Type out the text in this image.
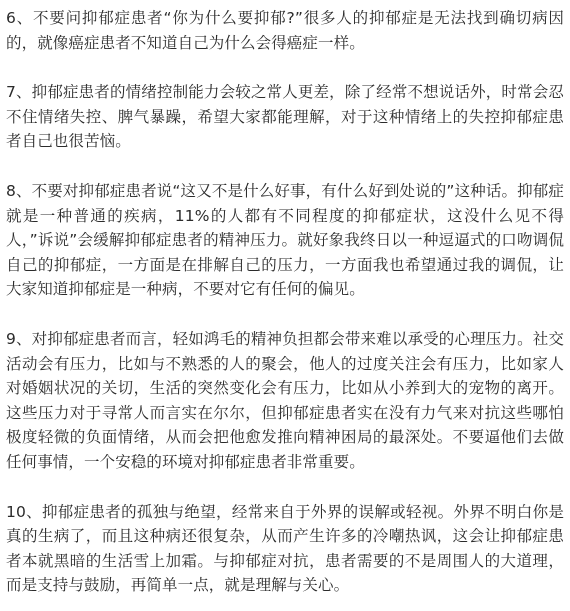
6、不要问抑郁症患者“你为什么要抑郁?”很多人的抑郁症是无法找到确切病因的，就像癌症患者不知道自己为什么会得癌症一样。

7、抑郁症患者的情绪控制能力会较之常人更差，除了经常不想说话外，时常会忍不住情绪失控、脾气暴躁，希望大家都能理解，对于这种情绪上的失控抑郁症患者自己也很苦恼。

8、不要对抑郁症患者说“这又不是什么好事，有什么好到处说的”这种话。抑郁症就是一种普通的疾病，11%的人都有不同程度的抑郁症状，这没什么见不得人，”诉说”会缓解抑郁症患者的精神压力。就好象我终日以一种逗逼式的口吻调侃自己的抑郁症，一方面是在排解自己的压力，一方面我也希望通过我的调侃，让大家知道抑郁症是一种病，不要对它有任何的偏见。

9、对抑郁症患者而言，轻如鸿毛的精神负担都会带来难以承受的心理压力。社交活动会有压力，比如与不熟悉的人的聚会，他人的过度关注会有压力，比如家人对婚姻状况的关切，生活的突然变化会有压力，比如从小养到大的宠物的离开。这些压力对于寻常人而言实在尔尔，但抑郁症患者实在没有力气来对抗这些哪怕极度轻微的负面情绪，从而会把他愈发推向精神困局的最深处。不要逼他们去做任何事情，一个安稳的环境对抑郁症患者非常重要。

10、抑郁症患者的孤独与绝望，经常来自于外界的误解或轻视。外界不明白你是真的生病了，而且这种病还很复杂，从而产生许多的冷嘲热讽，这会让抑郁症患者本就黑暗的生活雪上加霜。与抑郁症对抗，患者需要的不是周围人的大道理，而是支持与鼓励，再简单一点，就是理解与关心。
